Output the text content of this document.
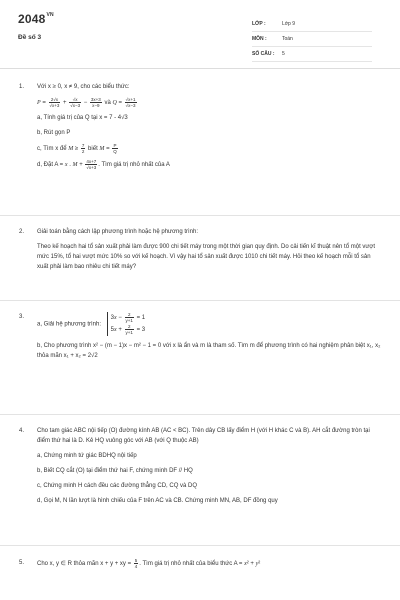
$2048^{VN}$
Đề số 3
LỚP :	Lớp 9
MÔN :	Toán
SỐ CÂU :	5
1.	Với x ≥ 0, x ≠ 9, cho các biểu thức:

$P = \frac{2√x}{√x+3} + \frac{√x}{√x-3} - \frac{3x+3}{x-9}$ và $Q = \frac{√x+1}{√x-3}$

a, Tính giá trị của Q tại x = 7 - 4√3

b, Rút gọn P

c, Tìm x để $M \ge \frac{7}{2}$ biết $M = \frac{P}{Q}$

d, Đặt A = x . $M + \frac{4x+7}{√x+3}$ . Tìm giá trị nhỏ nhất của A

2.	Giải toán bằng cách lập phương trình hoặc hệ phương trình:

Theo kế hoạch hai tổ sản xuất phải làm được 900 chi tiết máy trong một thời gian quy định. Do cải tiến kĩ thuật nên tổ một vượt mức 15%, tổ hai vượt mức 10% so với kế hoạch. Vì vậy hai tổ sản xuất được 1010 chi tiết máy. Hỏi theo kế hoạch mỗi tổ sản xuất phải làm bao nhiêu chi tiết máy?

3.

a, Giải hệ phương trình:
$3x - \frac{2}{y+1} = 1$
$5x + \frac{2}{y+1} = 3$

b, Cho phương trình x² − (m − 1)x − m² − 1 = 0 với x là ẩn và m là tham số. Tìm m để phương trình có hai nghiệm phân biệt x₁, x₂ thỏa mãn x₁ + x₂ = 2√2

4.	Cho tam giác ABC nội tiếp (O) đường kính AB (AC < BC). Trên dây CB lấy điểm H (với H khác C và B). AH cắt đường tròn tại điểm thứ hai là D. Kẻ HQ vuông góc với AB (với Q thuộc AB)

a, Chứng minh tứ giác BDHQ nội tiếp

b, Biết CQ cắt (O) tại điểm thứ hai F, chứng minh DF // HQ

c, Chứng minh H cách đều các đường thẳng CD, CQ và DQ

d, Gọi M, N lần lượt là hình chiếu của F trên AC và CB. Chứng minh MN, AB, DF đồng quy

5.	Cho x, y ∈ R thỏa mãn x + y + xy = $\frac{5}{4}$ . Tìm giá trị nhỏ nhất của biểu thức A = x² + y²
